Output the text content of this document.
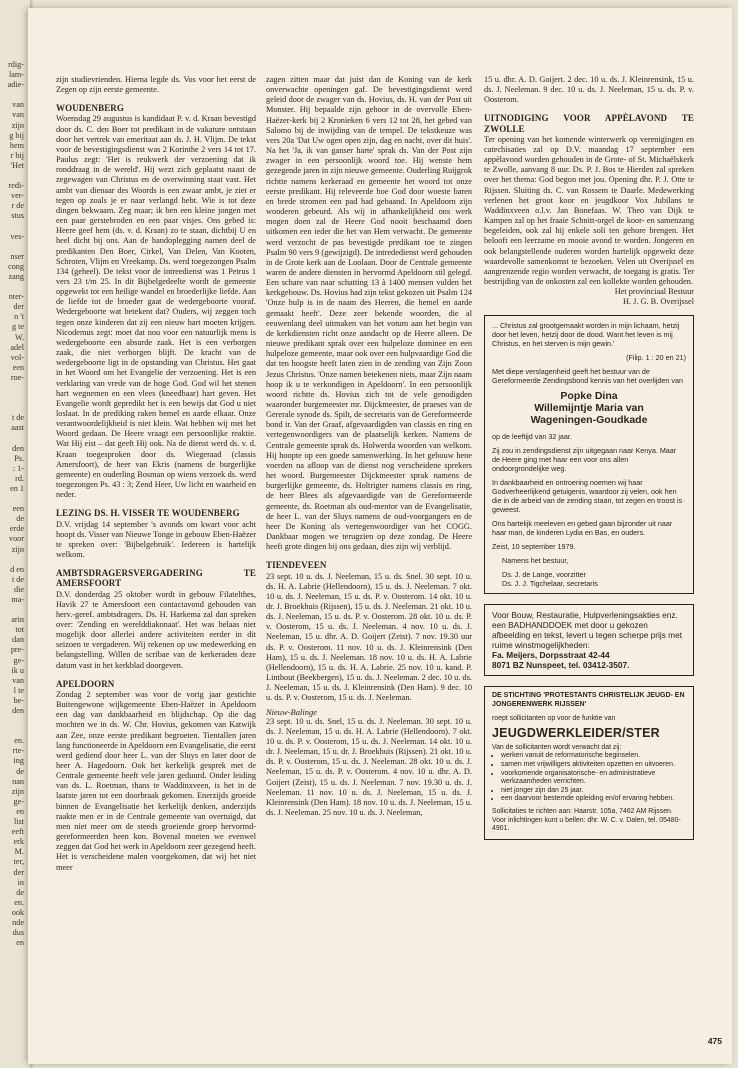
rdig-
lam-
adie-

van
van
zijn
g bij
hem
r bij
'Het

redi-
ver-
r de
stus

ves-

nser
cong
zang

nter-
der
n 't
g te
W.
adel
vol-
een
roe-

t de
aast

den
Ps.
: 1-
rd.
en 1

een
de
erde
voor
zijn

d en
t de
die
ma-

arin
tot
dan
pre-
ge-
ik u
van
l te
be-
den

en.
rte-
ing
de
nan
zijn
ge-
en
list
eeft
erk
M.
ter,
der
in
de
en.
ook
nde
dus
en

zijn studievrienden. Hierna legde ds. Vos voor het eerst de Zegen op zijn eerste gemeente.

WOUDENBERG

Woensdag 29 augustus is kandidaat P. v. d. Kraan bevestigd door ds. C. den Boer tot predikant in de vakature ontstaan door het vertrek van emeritaat aan ds. J. H. Vlijm. De tekst voor de bevestigingsdienst was 2 Korinthe 2 vers 14 tot 17. Paulus zegt: 'Het is reukwerk der verzoening dat ik ronddraag in de wereld'. Hij wezt zich geplaatst naast de zegewagen van Christus en de overwinning staat vast. Het ambt van dienaar des Woords is een zwaar ambt, je ziet er tegen op zoals je er naar verlangd hebt. Wie is tot deze dingen bekwaam. Zeg maar; ik ben een kleine jongen met een paar gerstebroden en een paar visjes. Ons gebed is: Heere geef hem (ds. v. d. Kraan) zo te staan, dichtbij U en heel dicht bij ons. Aan de handoplegging namen deel de predikanten Den Boer, Cirkel, Van Delen, Van Kooten, Schroten, Vlijm en Vreekamp. Ds. werd toegezongen Psalm 134 (geheel). De tekst voor de intreedienst was 1 Petrus 1 vers 23 t/m 25. In dit Bijbelgedeelte wordt de gemeente opgewekt tot een heilige wandel en broederlijke liefde. Aan de liefde tot de broeder gaat de wedergeboorte vooraf. Wedergeboorte wat betekent dat? Ouders, wij zeggen toch tegen onze kinderen dat zij een nieuw hart moeten krijgen. Nicodemus zegt: moet dat nou voor een natuurlijk mens is wedergeboorte een absurde zaak. Het is een verborgen zaak, die niet verborgen blijft. De kracht van de wedergeboorte ligt in de opstanding van Christus. Het gaat in het Woord om het Evangelie der verzoening. Het is een verklaring van vrede van de hoge God. God wil het stenen hart wegnemen en een vlees (kneedbaar) hart geven. Het Evangelie wordt gepredikt het is een bewijs dat God u niet loslaat. In de prediking raken hemel en aarde elkaar. Onze verantwoordelijkheid is niet klein. Wat hebben wij met het Woord gedaan. De Heere vraagt een persoonlijke reaktie. Wat Hij eist – dat geeft Hij ook. Na de dienst werd ds. v. d. Kraan toegesproken door ds. Wiegeraad (classis Amersfoort), de heer van Ekris (namens de burgerlijke gemeente) en ouderling Bosman op wiens verzoek ds. werd toegezongen Ps. 43 : 3; Zend Heer, Uw licht en waarheid en neder.

LEZING DS. H. VISSER TE WOUDENBERG

D.V. vrijdag 14 september 's avonds om kwart voor acht hoopt ds. Visser van Nieuwe Tonge in gebouw Eben-Haëzer te spreken over: 'Bijbelgebruik'. Iedereen is hartelijk welkom.

AMBTSDRAGERSVERGADERING TE AMERSFOORT

D.V. donderdag 25 oktober wordt in gebouw Filatelthes, Havik 27 te Amersfoort een contactavond gehouden van herv.-geref. ambtsdragers. Ds. H. Harkema zal dan spreken over: 'Zending en werelddiakonaat'. Het was helaas niet mogelijk door allerlei andere activiteiten eerder in dit seizoen te vergaderen. Wij rekenen op uw medewerking en belangstelling. Willen de scribae van de kerkeraden deze datum vast in het kerkblad doorgeven.

APELDOORN

Zondag 2 september was voor de vorig jaar gestichte Buitengewone wijkgemeente Eben-Haëzer in Apeldoorn een dag van dankbaarheid en blijdschap. Op die dag mochten we in ds. W. Chr. Hovius, gekomen van Katwijk aan Zee, onze eerste predikant begroeten. Tientallen jaren lang functioneerde in Apeldoorn een Evangelisatie, die eerst werd gediend door heer L. van der Sluys en later door de heer A. Hagedoorn. Ook het kerkelijk gesprek met de Centrale gemeente heeft vele jaren geduurd. Onder leiding van ds. L. Roetman, thans te Waddinxveen, is het in de laatste jaren tot een doorbraak gekomen. Enerzijds groeide binnen de Evangelisatie het kerkelijk denken, anderzijds raakte men er in de Centrale gemeente van overtuigd, dat men niet meer om de steeds groeiende groep hervormd-gereformeerden heen kon. Bovenal moeten we evenwel zeggen dat God het werk in Apeldoorn zeer gezegend heeft. Het is verscheidene malen voorgekomen, dat wij het niet meer

zagen zitten maar dat juist dan de Koning van de kerk onverwachte openingen gaf. De bevestigingsdienst werd geleid door de zwager van ds. Hovius, ds. H. van der Post uit Monster. Hij bepaalde zijn gehoor in de overvolle Eben-Haëzer-kerk bij 2 Kronieken 6 vers 12 tot 28, het gebed van Salomo bij de inwijding van de tempel. De tekstkeuze was vers 20a 'Dat Uw ogen open zijn, dag en nacht, over dit huis'. Na het 'Ja, ik van ganser harte' sprak ds. Van der Post zijn zwager in een persoonlijk woord toe. Hij wenste hem gezegende jaren in zijn nieuwe gemeente. Ouderling Ruijgrok richtte namens kerkeraad en gemeente het woord tot onze eerste predikant. Hij releveerde hoe God door woeste baren en brede stromen een pad had gebaand. In Apeldoorn zijn wonderen gebeurd. Als wij in afhankelijkheid ons werk mogen doen zal de Heere God nooit beschaamd doen uitkomen een ieder die het van Hem verwacht. De gemeente werd verzocht de pas bevestigde predikant toe te zingen Psalm 90 vers 9 (gewijzigd). De intrededienst werd gehouden in de Grote kerk aan de Loolaan. Door de Centrale gemeente waren de andere diensten in hervormd Apeldoorn stil gelegd. Een schare van naar schatting 13 à 1400 mensen vulden het kerkgebouw. Ds. Hovius had zijn tekst gekozen uit Psalm 124 'Onze hulp is in de naam des Heeren, die hemel en aarde gemaakt heeft'. Deze zeer bekende woorden, die al eeuwenlang deel uitmaken van het votum aan het begin van de kerkdiensten richt onze aandacht op de Heere alleen. De nieuwe predikant sprak over een hulpeloze dominee en een hulpeloze gemeente, maar ook over een hulpvaardige God die dat ten hoogste heeft laten zien in de zending van Zijn Zoon Jezus Christus. 'Onze namen betekenen niets, maar Zijn naam hoop ik u te verkondigen in Apeldoorn'. In een persoonlijk woord richtte ds. Hovius zich tot de vele genodigden waaronder burgemeester mr. Dijckmeester, de praeses van de Gererale synode ds. Spilt, de secretaris van de Gereformeerde bond ir. Van der Graaf, afgevaardigden van classis en ring en vertegenwoordigers van de plaatselijk kerken. Namens de Centrale gemeente sprak ds. Holwerda woorden van welkom. Hij hoopte op een goede samenwerking. In het gebouw hene voerden na afloop van de dienst nog verscheidene sprekers het woord. Burgemeester Dijckmeester sprak namens de burgerlijke gemeente, ds. Holtrigter namens classis en ring, de heer Blees als afgevaardigde van de Gereformeerde gemeente, ds. Roetman als oud-mentor van de Evangelisatie, de heer L. van der Sluys namens de oud-voorgangers en de heer De Koning als vertegenwoordiger van het COGG. Dankbaar mogen we terugzien op deze zondag. De Heere heeft grote dingen bij ons gedaan, dies zijn wij verblijd.

TIENDEVEEN

23 sept. 10 u. ds. J. Neeleman, 15 u. ds. Snel. 30 sept. 10 u. ds. H. A. Labrie (Hellendoorn), 15 u. ds. J. Neeleman. 7 okt. 10 u. ds. J. Neeleman, 15 u. ds. P. v. Oosterom. 14 okt. 10 u. dr. J. Broekhuis (Rijssen), 15 u. ds. J. Neeleman. 21 okt. 10 u. ds. J. Neeleman, 15 u. ds. P. v. Oosterom. 28 okt. 10 u. ds. P. v. Oosterom, 15 u. ds. J. Neeleman. 4 nov. 10 u. ds. J. Neeleman, 15 u. dhr. A. D. Goijert (Zeist). 7 nov. 19.30 uur ds. P. v. Oosterom. 11 nov. 10 u. ds. J. Kleinrensink (Den Ham), 15 u. ds. J. Neeleman. 18 nov. 10 u. ds. H. A. Labrie (Hellendoorn), 15 u. ds. H. A. Labrie. 25 nov. 10 u. kand. P. Linthout (Beekbergen), 15 u. ds. J. Neeleman. 2 dec. 10 u. ds. J. Neeleman, 15 u. ds. J. Kleinrensink (Den Ham). 9 dec. 10 u. ds. P. v. Oosterom, 15 u. ds. J. Neeleman.

Nieuw-Balinge

23 sept. 10 u. ds. Snel, 15 u. ds. J. Neeleman. 30 sept. 10 u. ds. J. Neeleman, 15 u. ds. H. A. Labrie (Hellendoorn). 7 okt. 10 u. ds. P. v. Oosterom, 15 u. ds. J. Neeleman. 14 okt. 10 u. dr. J. Neeleman, 15 u. dr. J. Broekhuis (Rijssen). 21 okt. 10 u. ds. P. v. Oosterom, 15 u. ds. J. Neeleman. 28 okt. 10 u. ds. J. Neeleman, 15 u. ds. P. v. Oosterom. 4 nov. 10 u. dhr. A. D. Goijert (Zeist), 15 u. ds. J. Neeleman. 7 nov. 19.30 u. ds. J. Neeleman. 11 nov. 10 u. ds. J. Neeleman, 15 u. ds. J. Kleinrensink (Den Ham). 18 nov. 10 u. ds. J. Neeleman, 15 u. ds. J. Neeleman. 25 nov. 10 u. ds. J. Neeleman,

15 u. dhr. A. D. Goijert. 2 dec. 10 u. ds. J. Kleinrensink, 15 u. ds. J. Neeleman. 9 dec. 10 u. ds. J. Neeleman, 15 u. ds. P. v. Oosterom.

UITNODIGING VOOR APPÈLAVOND TE ZWOLLE

Ter opening van het komende winterwerk op verenigingen en catechisaties zal op D.V. maandag 17 september een appèlavond worden gehouden in de Grote- of St. Michaëlskerk te Zwolle, aanvang 8 uur. Ds. P. J. Bos te Hierden zal spreken over het thema: God begon met jou. Opening dhr. P. J. Otte te Rijssen. Sluiting ds. C. van Rossem te Daarle. Medewerking verlenen het groot koor en jeugdkoor Vox Jubilans te Waddinxveen o.l.v. Jan Bonefaas. W. Theo van Dijk te Kampen zal op het fraaie Schnitt-orgel de koor- en samenzang begeleiden, ook zal hij enkele soli ten gehore brengen. Het belooft een leerzame en mooie avond te worden. Jongeren en ook belangstellende ouderen worden hartelijk opgewekt deze waardevolle samenkomst te bezoeken. Velen uit Overijssel en aangrenzende regio worden verwacht, de toegang is gratis. Ter bestrijding van de onkosten zal een kollekte worden gehouden.

Het provinciaal Bestuur

H. J. G. B. Overijssel

... Christus zal grootgemaakt worden in mijn lichaam, hetzij door het leven, hetzij door de dood. Want het leven is mij Christus, en het sterven is mijn gewin.'

(Filip. 1 : 20 en 21)

Met diepe verslagenheid geeft het bestuur van de Gereformeerde Zendingsbond kennis van het overlijden van

Popke Dina
Willemijntje Maria van
Wageningen-Goudkade

op de leeftijd van 32 jaar.

Zij zou in zendingsdienst zijn uitgegaan naar Kenya. Maar de Heere ging met haar een voor ons allen ondoorgrondelijke weg.

In dankbaarheid en ontroering noemen wij haar Godverheerlijkend getuigenis, waardoor zij velen, ook hen die in de arbeid van de zending staan, tot zegen en troost is geweest.

Ons hartelijk meeleven en gebed gaan bijzonder uit naar haar man, de kinderen Lydia en Bas, en ouders.

Zeist, 10 september 1979.

Namens het bestuur,

Ds. J. de Lange, voorzitter
Ds. J. J. Tigchelaar, secretaris

Voor Bouw, Restauratie, Hulpverleningsakties enz. een BADHANDDOEK met door u gekozen afbeelding en tekst, levert u tegen scherpe prijs met ruime winstmogelijkheden:
Fa. Meijers, Dorpsstraat 42-44
8071 BZ Nunspeet, tel. 03412-3507.
DE STICHTING 'PROTESTANTS CHRISTELIJK JEUGD- EN JONGERENWERK RIJSSEN'
roept sollicitanten op voor de funktie van
JEUGDWERKLEIDER/STER
Van de sollicitanten wordt verwacht dat zij:
• werken vanuit de reformatorische beginselen.
• samen met vrijwilligers aktiviteiten opzetten en uitvoeren.
• voorkomende organisatorische- en administratieve werkzaamheden verrichten.
• niet jonger zijn dan 25 jaar.
• een daarvoor bestemde opleiding en/of ervaring hebben.
Sollicitaties te richten aan: Haarstr. 105a, 7462 AM Rijssen. Voor inlichtingen kunt u bellen: dhr. W. C. v. Dalen, tel. 05480-4901.
475
